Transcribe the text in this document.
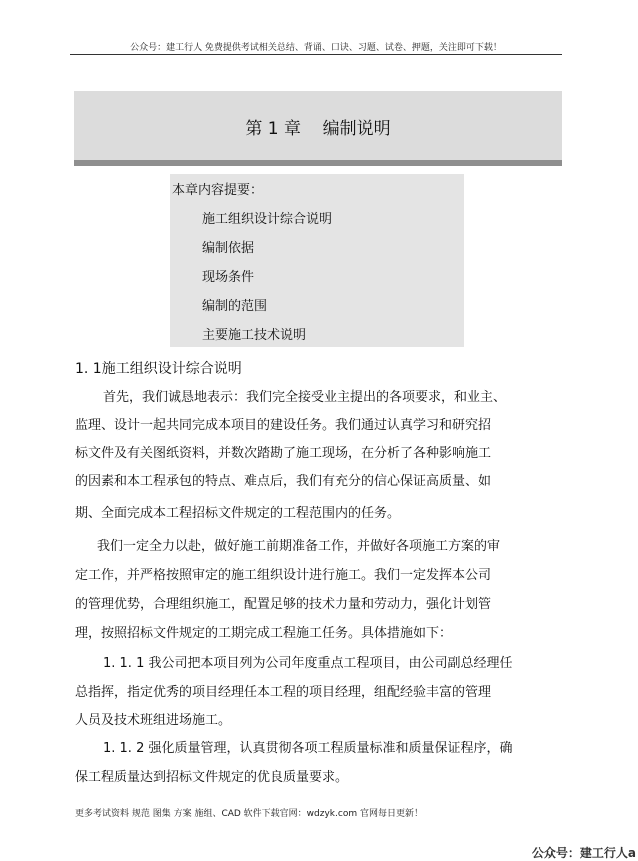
公众号：建工行人 免费提供考试相关总结、背诵、口诀、习题、试卷、押题，关注即可下载！
第 1 章    编制说明
本章内容提要：
施工组织设计综合说明
编制依据
现场条件
编制的范围
主要施工技术说明
1. 1施工组织设计综合说明
首先，我们诚恳地表示：我们完全接受业主提出的各项要求，和业主、
监理、设计一起共同完成本项目的建设任务。我们通过认真学习和研究招
标文件及有关图纸资料，并数次踏勘了施工现场，在分析了各种影响施工
的因素和本工程承包的特点、难点后，我们有充分的信心保证高质量、如
期、全面完成本工程招标文件规定的工程范围内的任务。
我们一定全力以赴，做好施工前期准备工作，并做好各项施工方案的审
定工作，并严格按照审定的施工组织设计进行施工。我们一定发挥本公司
的管理优势，合理组织施工，配置足够的技术力量和劳动力，强化计划管
理，按照招标文件规定的工期完成工程施工任务。具体措施如下：
1. 1. 1 我公司把本项目列为公司年度重点工程项目，由公司副总经理任
总指挥，指定优秀的项目经理任本工程的项目经理，组配经验丰富的管理
人员及技术班组进场施工。
1. 1. 2 强化质量管理，认真贯彻各项工程质量标准和质量保证程序，确
保工程质量达到招标文件规定的优良质量要求。
更多考试资料 规范 图集 方案 施组、CAD 软件下载官网：wdzyk.com 官网每日更新！
公众号：建工行人a
